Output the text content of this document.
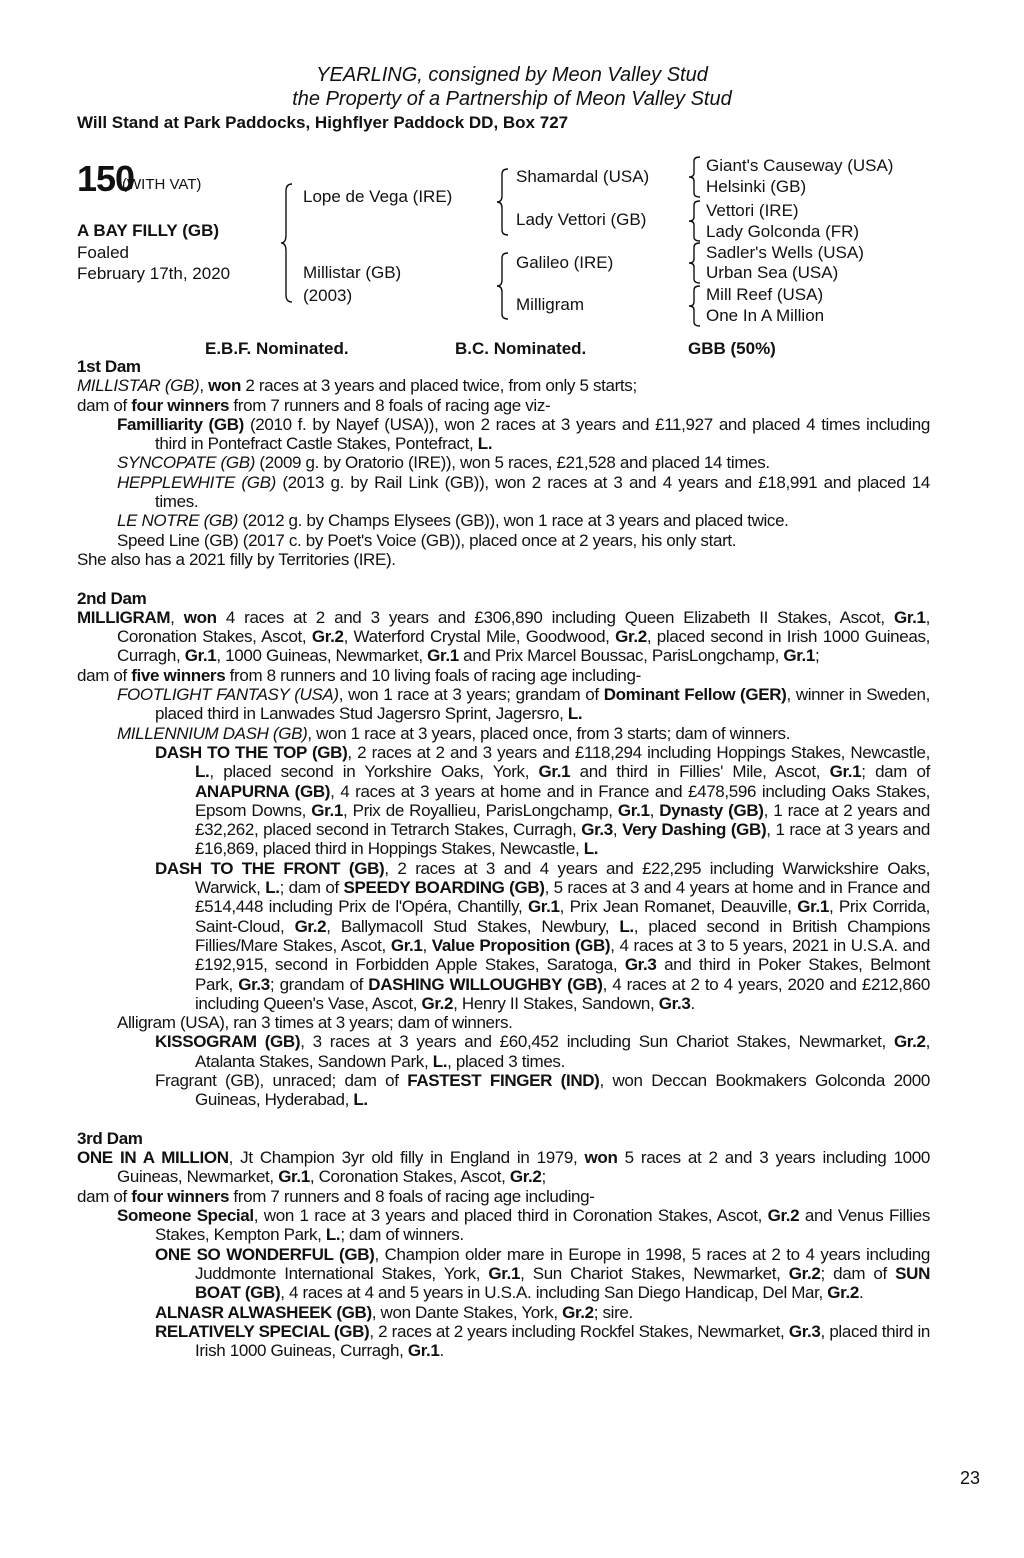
YEARLING, consigned by Meon Valley Stud
the Property of a Partnership of Meon Valley Stud
Will Stand at Park Paddocks, Highflyer Paddock DD, Box 727
150
(WITH VAT)
A BAY FILLY (GB)
Foaled
February 17th, 2020
Lope de Vega (IRE)
Millistar (GB)
(2003)
Shamardal (USA)
Lady Vettori (GB)
Galileo (IRE)
Milligram
Giant's Causeway (USA)
Helsinki (GB)
Vettori (IRE)
Lady Golconda (FR)
Sadler's Wells (USA)
Urban Sea (USA)
Mill Reef (USA)
One In A Million
E.B.F. Nominated.	B.C. Nominated.	GBB (50%)
1st Dam
MILLISTAR (GB), won 2 races at 3 years and placed twice, from only 5 starts;
dam of four winners from 7 runners and 8 foals of racing age viz-
Familliarity (GB) (2010 f. by Nayef (USA)), won 2 races at 3 years and £11,927 and placed 4 times including third in Pontefract Castle Stakes, Pontefract, L.
SYNCOPATE (GB) (2009 g. by Oratorio (IRE)), won 5 races, £21,528 and placed 14 times.
HEPPLEWHITE (GB) (2013 g. by Rail Link (GB)), won 2 races at 3 and 4 years and £18,991 and placed 14 times.
LE NOTRE (GB) (2012 g. by Champs Elysees (GB)), won 1 race at 3 years and placed twice.
Speed Line (GB) (2017 c. by Poet's Voice (GB)), placed once at 2 years, his only start.
She also has a 2021 filly by Territories (IRE).
2nd Dam
MILLIGRAM, won 4 races at 2 and 3 years and £306,890 including Queen Elizabeth II Stakes, Ascot, Gr.1, Coronation Stakes, Ascot, Gr.2, Waterford Crystal Mile, Goodwood, Gr.2, placed second in Irish 1000 Guineas, Curragh, Gr.1, 1000 Guineas, Newmarket, Gr.1 and Prix Marcel Boussac, ParisLongchamp, Gr.1;
dam of five winners from 8 runners and 10 living foals of racing age including-
FOOTLIGHT FANTASY (USA), won 1 race at 3 years; grandam of Dominant Fellow (GER), winner in Sweden, placed third in Lanwades Stud Jagersro Sprint, Jagersro, L.
MILLENNIUM DASH (GB), won 1 race at 3 years, placed once, from 3 starts; dam of winners.
DASH TO THE TOP (GB), 2 races at 2 and 3 years and £118,294 including Hoppings Stakes, Newcastle, L., placed second in Yorkshire Oaks, York, Gr.1 and third in Fillies' Mile, Ascot, Gr.1; dam of ANAPURNA (GB), 4 races at 3 years at home and in France and £478,596 including Oaks Stakes, Epsom Downs, Gr.1, Prix de Royallieu, ParisLongchamp, Gr.1, Dynasty (GB), 1 race at 2 years and £32,262, placed second in Tetrarch Stakes, Curragh, Gr.3, Very Dashing (GB), 1 race at 3 years and £16,869, placed third in Hoppings Stakes, Newcastle, L.
DASH TO THE FRONT (GB), 2 races at 3 and 4 years and £22,295 including Warwickshire Oaks, Warwick, L.; dam of SPEEDY BOARDING (GB), 5 races at 3 and 4 years at home and in France and £514,448 including Prix de l'Opéra, Chantilly, Gr.1, Prix Jean Romanet, Deauville, Gr.1, Prix Corrida, Saint-Cloud, Gr.2, Ballymacoll Stud Stakes, Newbury, L., placed second in British Champions Fillies/Mare Stakes, Ascot, Gr.1, Value Proposition (GB), 4 races at 3 to 5 years, 2021 in U.S.A. and £192,915, second in Forbidden Apple Stakes, Saratoga, Gr.3 and third in Poker Stakes, Belmont Park, Gr.3; grandam of DASHING WILLOUGHBY (GB), 4 races at 2 to 4 years, 2020 and £212,860 including Queen's Vase, Ascot, Gr.2, Henry II Stakes, Sandown, Gr.3.
Alligram (USA), ran 3 times at 3 years; dam of winners.
KISSOGRAM (GB), 3 races at 3 years and £60,452 including Sun Chariot Stakes, Newmarket, Gr.2, Atalanta Stakes, Sandown Park, L., placed 3 times.
Fragrant (GB), unraced; dam of FASTEST FINGER (IND), won Deccan Bookmakers Golconda 2000 Guineas, Hyderabad, L.
3rd Dam
ONE IN A MILLION, Jt Champion 3yr old filly in England in 1979, won 5 races at 2 and 3 years including 1000 Guineas, Newmarket, Gr.1, Coronation Stakes, Ascot, Gr.2;
dam of four winners from 7 runners and 8 foals of racing age including-
Someone Special, won 1 race at 3 years and placed third in Coronation Stakes, Ascot, Gr.2 and Venus Fillies Stakes, Kempton Park, L.; dam of winners.
ONE SO WONDERFUL (GB), Champion older mare in Europe in 1998, 5 races at 2 to 4 years including Juddmonte International Stakes, York, Gr.1, Sun Chariot Stakes, Newmarket, Gr.2; dam of SUN BOAT (GB), 4 races at 4 and 5 years in U.S.A. including San Diego Handicap, Del Mar, Gr.2.
ALNASR ALWASHEEK (GB), won Dante Stakes, York, Gr.2; sire.
RELATIVELY SPECIAL (GB), 2 races at 2 years including Rockfel Stakes, Newmarket, Gr.3, placed third in Irish 1000 Guineas, Curragh, Gr.1.
23
